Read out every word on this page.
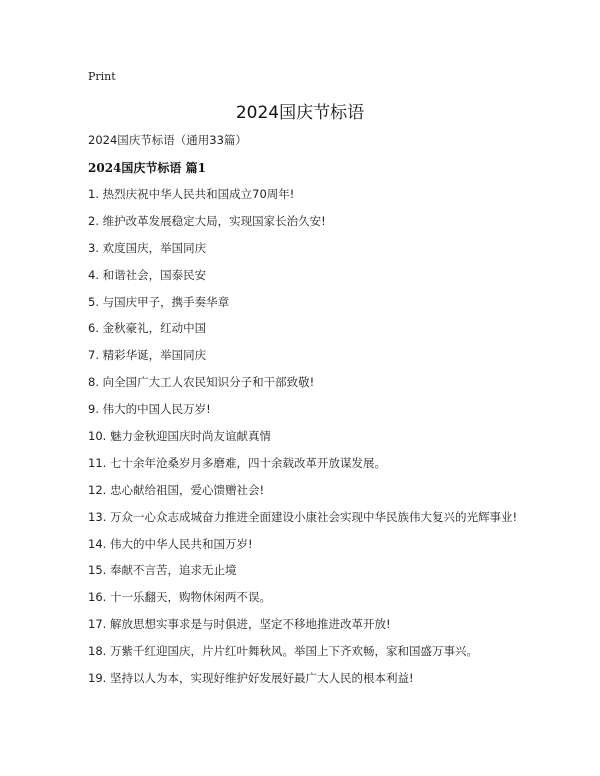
Print
2024国庆节标语
2024国庆节标语（通用33篇）
2024国庆节标语 篇1
1. 热烈庆祝中华人民共和国成立70周年!
2. 维护改革发展稳定大局，实现国家长治久安!
3. 欢度国庆，举国同庆
4. 和谐社会，国泰民安
5. 与国庆甲子，携手奏华章
6. 金秋豪礼，红动中国
7. 精彩华诞，举国同庆
8. 向全国广大工人农民知识分子和干部致敬!
9. 伟大的中国人民万岁!
10. 魅力金秋迎国庆时尚友谊献真情
11. 七十余年沧桑岁月多磨难，四十余载改革开放谋发展。
12. 忠心献给祖国，爱心馈赠社会!
13. 万众一心众志成城奋力推进全面建设小康社会实现中华民族伟大复兴的光辉事业!
14. 伟大的中华人民共和国万岁!
15. 奉献不言苦，追求无止境
16. 十一乐翻天，购物休闲两不误。
17. 解放思想实事求是与时俱进，坚定不移地推进改革开放!
18. 万紫千红迎国庆，片片红叶舞秋风。举国上下齐欢畅，家和国盛万事兴。
19. 坚持以人为本，实现好维护好发展好最广大人民的根本利益!
